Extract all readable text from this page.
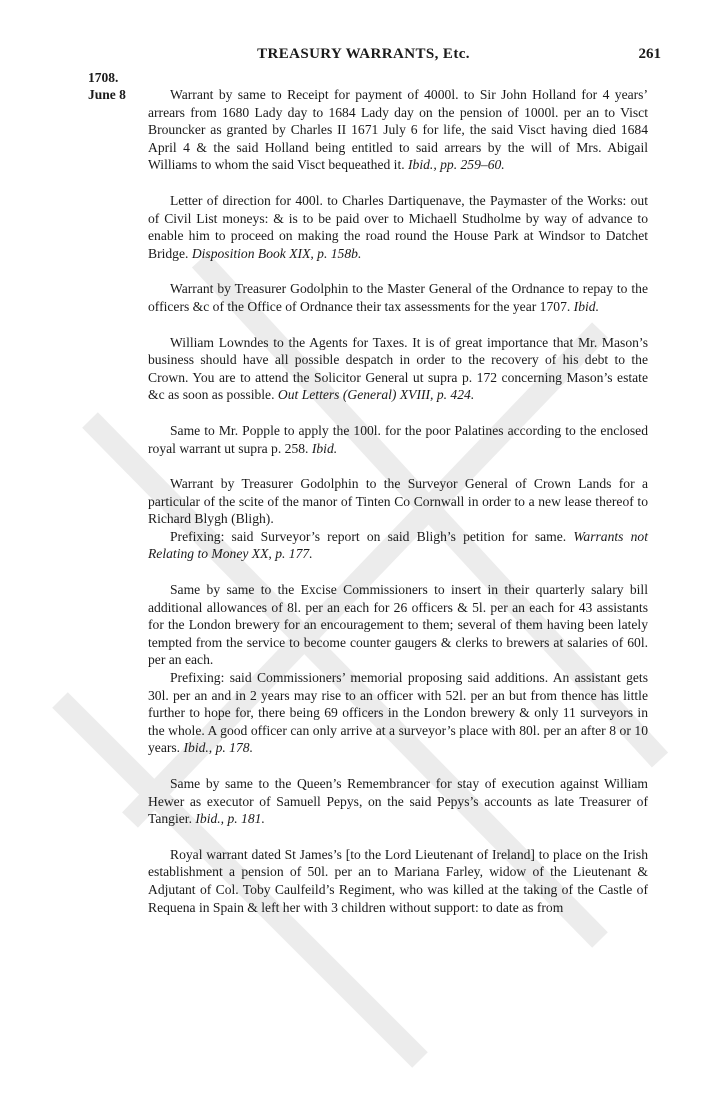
TREASURY WARRANTS, Etc.	261
1708.
June 8	Warrant by same to Receipt for payment of 4000l. to Sir John Holland for 4 years’ arrears from 1680 Lady day to 1684 Lady day on the pension of 1000l. per an to Visct Brouncker as granted by Charles II 1671 July 6 for life, the said Visct having died 1684 April 4 & the said Holland being entitled to said arrears by the will of Mrs. Abigail Williams to whom the said Visct bequeathed it. Ibid., pp. 259–60.

Letter of direction for 400l. to Charles Dartiquenave, the Paymaster of the Works: out of Civil List moneys: & is to be paid over to Michaell Studholme by way of advance to enable him to proceed on making the road round the House Park at Windsor to Datchet Bridge. Disposition Book XIX, p. 158b.

Warrant by Treasurer Godolphin to the Master General of the Ordnance to repay to the officers &c of the Office of Ordnance their tax assessments for the year 1707. Ibid.

William Lowndes to the Agents for Taxes. It is of great importance that Mr. Mason’s business should have all possible despatch in order to the recovery of his debt to the Crown. You are to attend the Solicitor General ut supra p. 172 concerning Mason’s estate &c as soon as possible. Out Letters (General) XVIII, p. 424.

Same to Mr. Popple to apply the 100l. for the poor Palatines according to the enclosed royal warrant ut supra p. 258. Ibid.

Warrant by Treasurer Godolphin to the Surveyor General of Crown Lands for a particular of the scite of the manor of Tinten Co Cornwall in order to a new lease thereof to Richard Blygh (Bligh).

Prefixing: said Surveyor’s report on said Bligh’s petition for same. Warrants not Relating to Money XX, p. 177.

Same by same to the Excise Commissioners to insert in their quarterly salary bill additional allowances of 8l. per an each for 26 officers & 5l. per an each for 43 assistants for the London brewery for an encouragement to them; several of them having been lately tempted from the service to become counter gaugers & clerks to brewers at salaries of 60l. per an each.

Prefixing: said Commissioners’ memorial proposing said additions. An assistant gets 30l. per an and in 2 years may rise to an officer with 52l. per an but from thence has little further to hope for, there being 69 officers in the London brewery & only 11 surveyors in the whole. A good officer can only arrive at a surveyor’s place with 80l. per an after 8 or 10 years. Ibid., p. 178.

Same by same to the Queen’s Remembrancer for stay of execution against William Hewer as executor of Samuell Pepys, on the said Pepys’s accounts as late Treasurer of Tangier. Ibid., p. 181.

Royal warrant dated St James’s [to the Lord Lieutenant of Ireland] to place on the Irish establishment a pension of 50l. per an to Mariana Farley, widow of the Lieutenant & Adjutant of Col. Toby Caulfeild’s Regiment, who was killed at the taking of the Castle of Requena in Spain & left her with 3 children without support: to date as from
